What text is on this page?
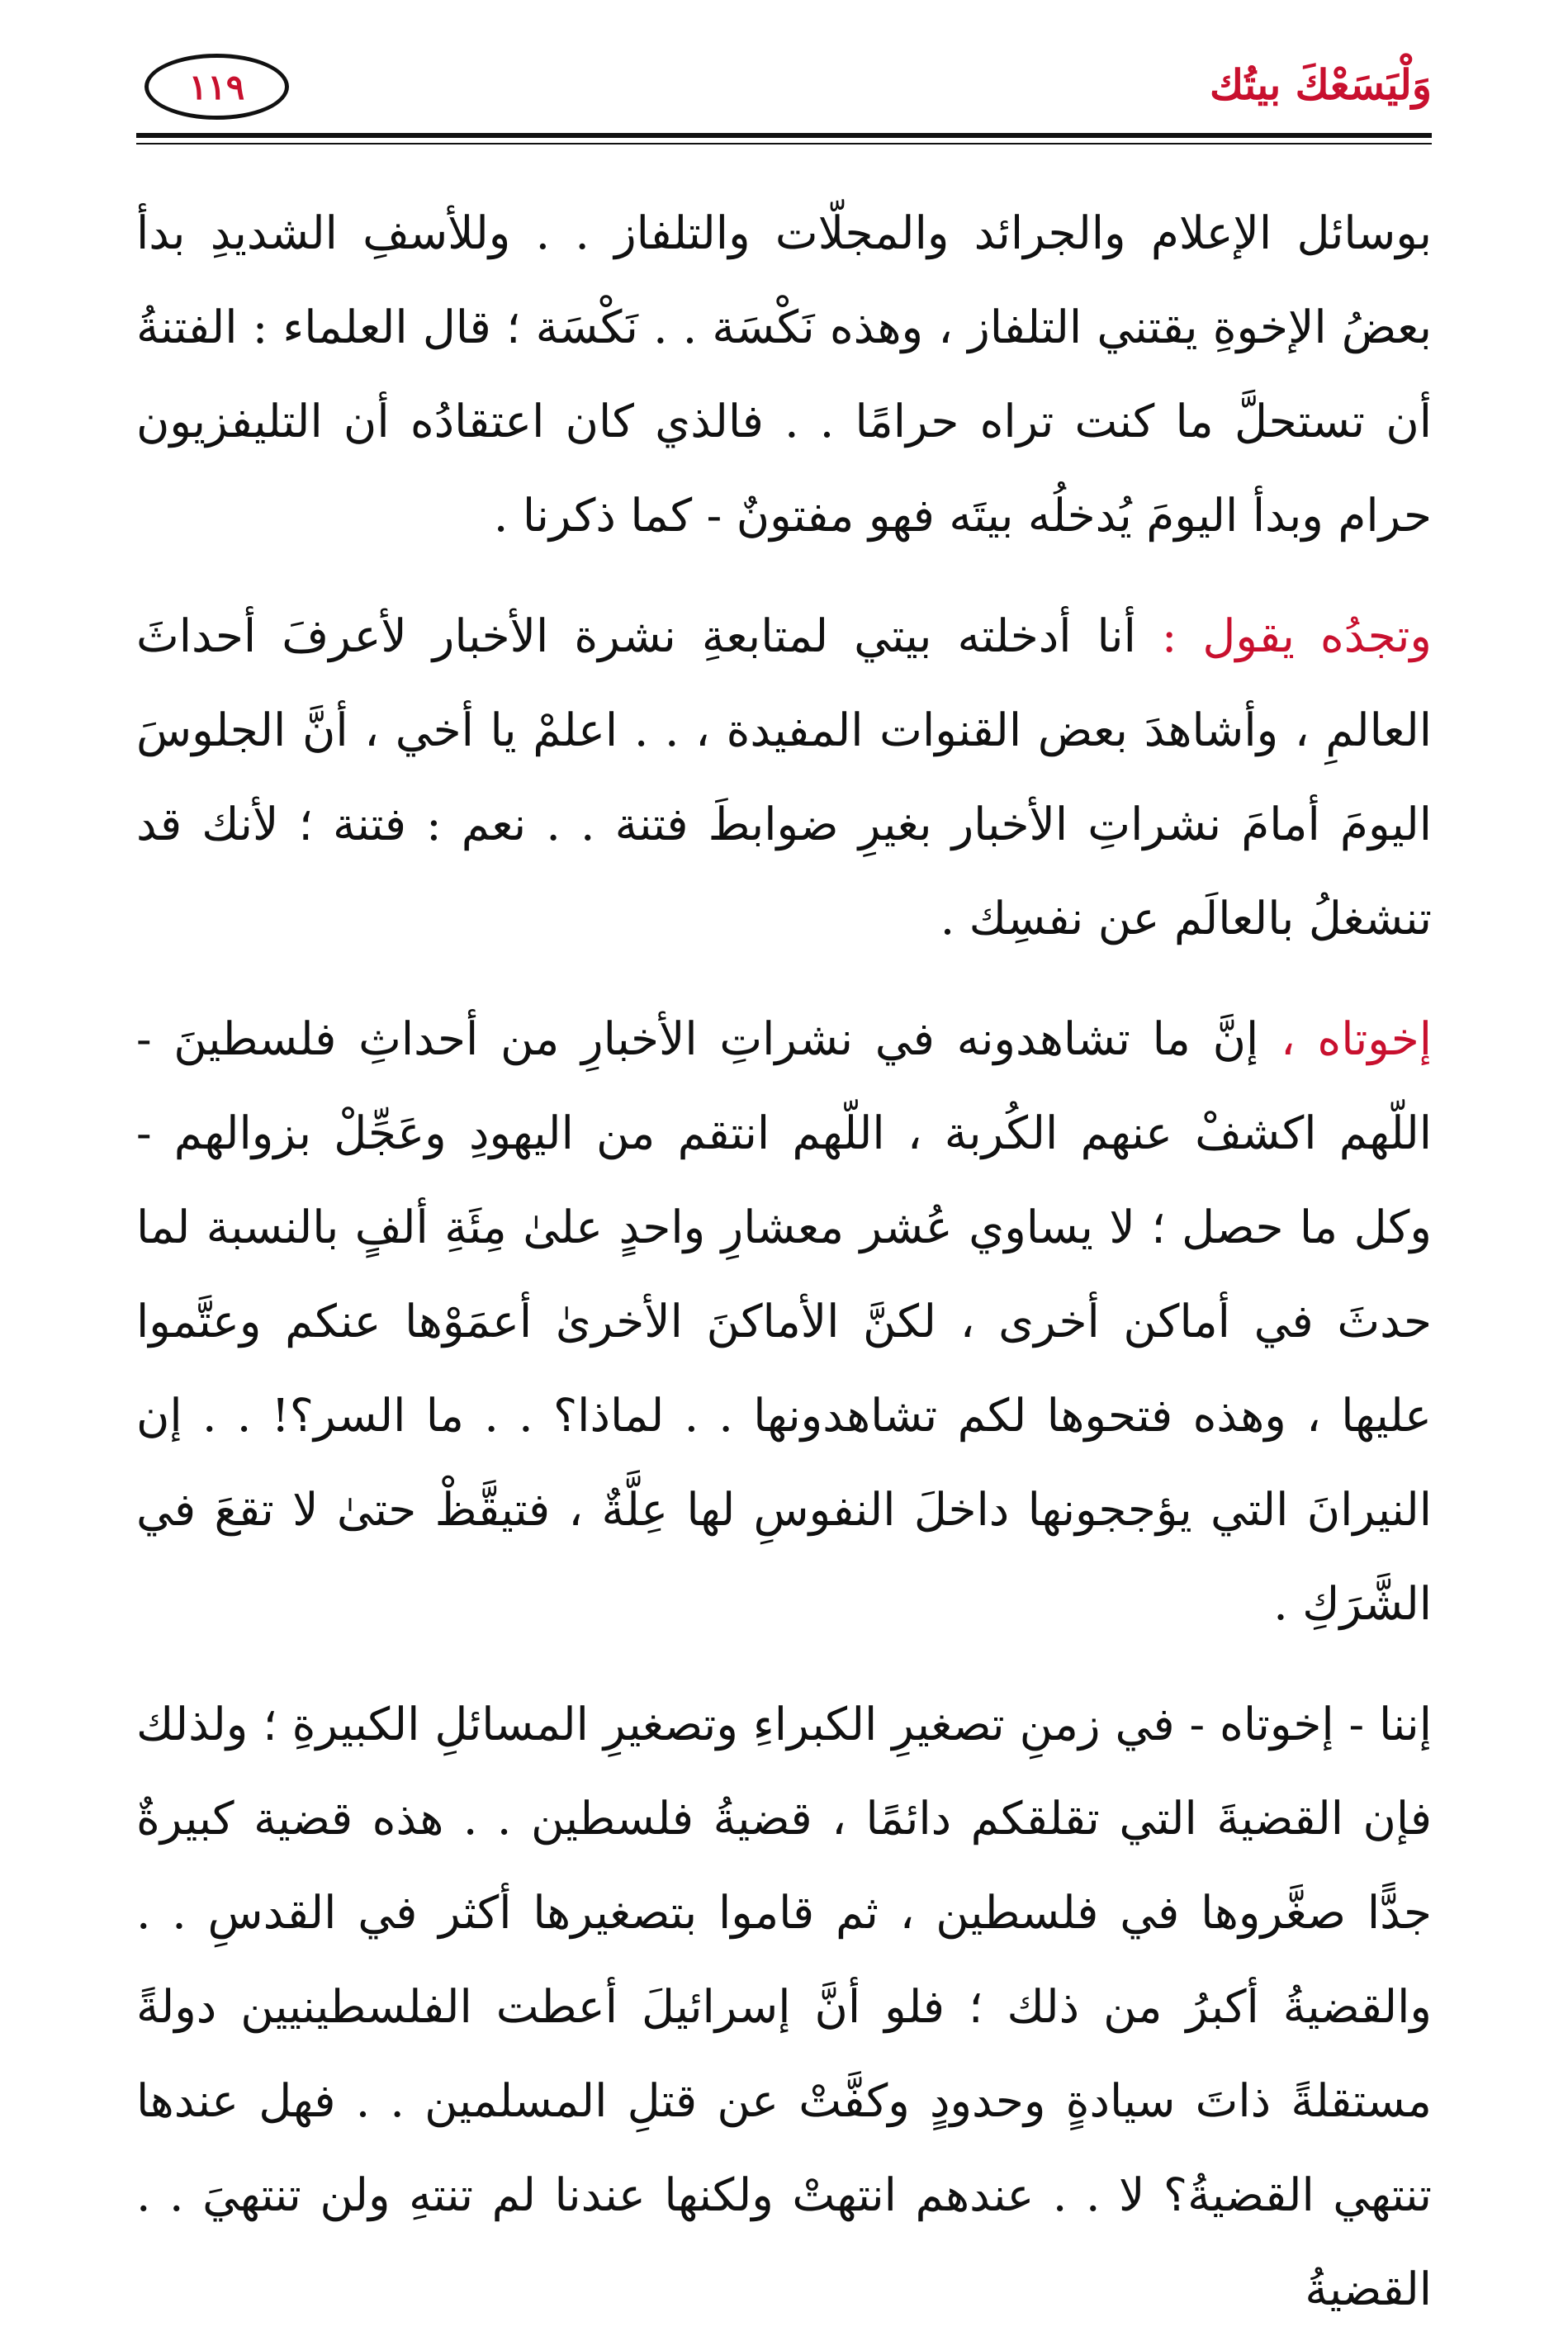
وَلْيَسَعْكَ بيتُك
١١٩

بوسائل الإعلام والجرائد والمجلّات والتلفاز . . وللأسفِ الشديدِ بدأ بعضُ الإخوةِ يقتني التلفاز ، وهذه نَكْسَة . . نَكْسَة ؛ قال العلماء : الفتنةُ أن تستحلَّ ما كنت تراه حرامًا . . فالذي كان اعتقادُه أن التليفزيون حرام وبدأ اليومَ يُدخلُه بيتَه فهو مفتونٌ - كما ذكرنا .

وتجدُه يقول : أنا أدخلته بيتي لمتابعةِ نشرة الأخبار لأعرفَ أحداثَ العالمِ ، وأشاهدَ بعض القنوات المفيدة ، . . اعلمْ يا أخي ، أنَّ الجلوسَ اليومَ أمامَ نشراتِ الأخبار بغيرِ ضوابطَ فتنة . . نعم : فتنة ؛ لأنك قد تنشغلُ بالعالَم عن نفسِك .

إخوتاه ، إنَّ ما تشاهدونه في نشراتِ الأخبارِ من أحداثِ فلسطينَ - اللّهم اكشفْ عنهم الكُربة ، اللّهم انتقم من اليهودِ وعَجِّلْ بزوالهم - وكل ما حصل ؛ لا يساوي عُشر معشارِ واحدٍ علىٰ مِئَةِ ألفٍ بالنسبة لما حدثَ في أماكن أخرى ، لكنَّ الأماكنَ الأخرىٰ أعمَوْها عنكم وعتَّموا عليها ، وهذه فتحوها لكم تشاهدونها . . لماذا؟ . . ما السر؟! . . إن النيرانَ التي يؤججونها داخلَ النفوسِ لها عِلَّةٌ ، فتيقَّظْ حتىٰ لا تقعَ في الشَّرَكِ .

إننا - إخوتاه - في زمنِ تصغيرِ الكبراءِ وتصغيرِ المسائلِ الكبيرةِ ؛ ولذلك فإن القضيةَ التي تقلقكم دائمًا ، قضيةُ فلسطين . . هذه قضية كبيرةٌ جدًّا صغَّروها في فلسطين ، ثم قاموا بتصغيرها أكثر في القدسِ . . والقضيةُ أكبرُ من ذلك ؛ فلو أنَّ إسرائيلَ أعطت الفلسطينيين دولةً مستقلةً ذاتَ سيادةٍ وحدودٍ وكفَّتْ عن قتلِ المسلمين . . فهل عندها تنتهي القضيةُ؟ لا . . عندهم انتهتْ ولكنها عندنا لم تنتهِ ولن تنتهيَ . . القضيةُ
